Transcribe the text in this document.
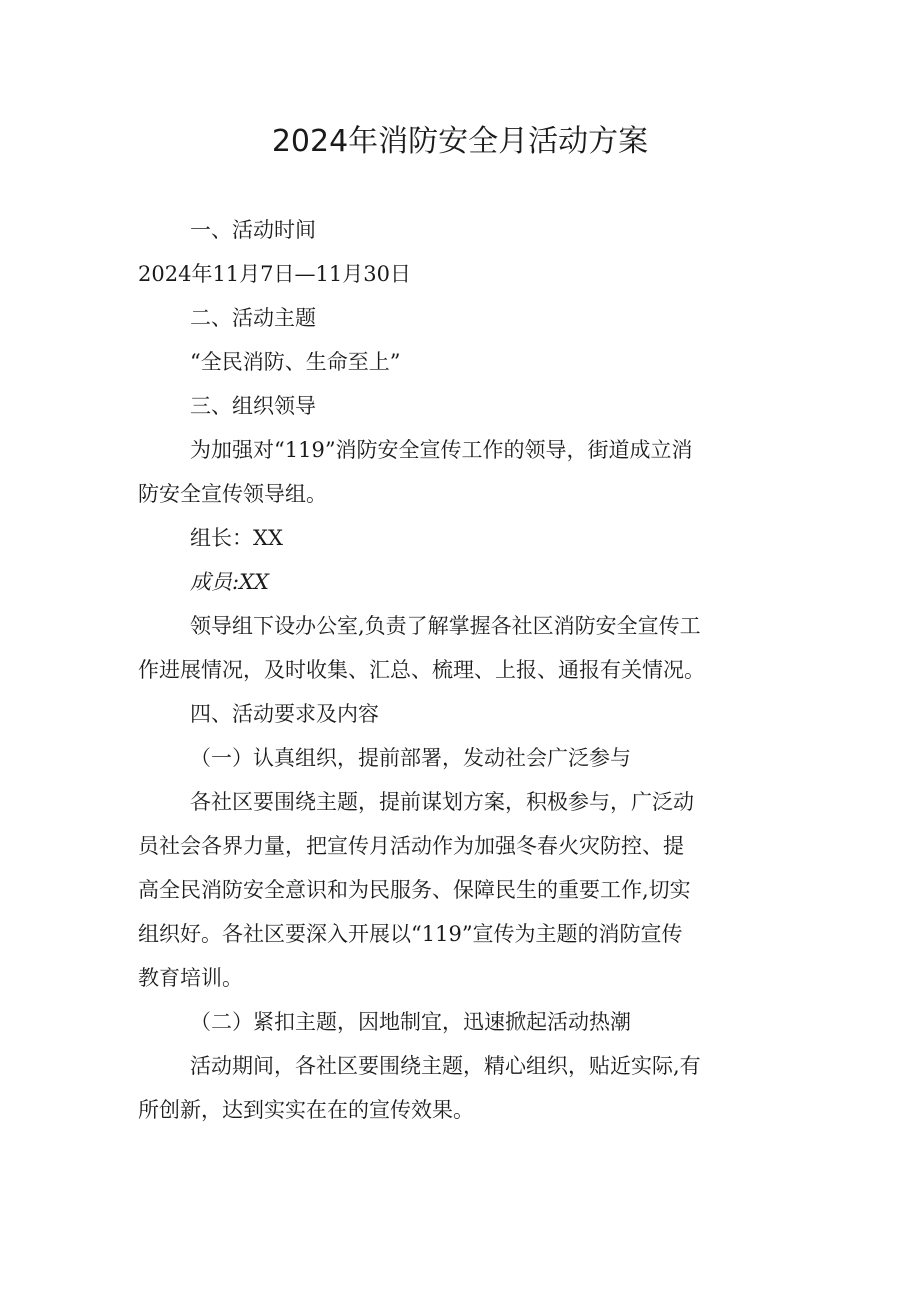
2024年消防安全月活动方案

一、活动时间

2024年11月7日—11月30日

二、活动主题

“全民消防、生命至上”

三、组织领导

为加强对“119”消防安全宣传工作的领导，街道成立消

防安全宣传领导组。

组长：XX

成员:XX

领导组下设办公室,负责了解掌握各社区消防安全宣传工

作进展情况，及时收集、汇总、梳理、上报、通报有关情况。

四、活动要求及内容

（一）认真组织，提前部署，发动社会广泛参与

各社区要围绕主题，提前谋划方案，积极参与，广泛动

员社会各界力量，把宣传月活动作为加强冬春火灾防控、提

高全民消防安全意识和为民服务、保障民生的重要工作,切实

组织好。各社区要深入开展以“119”宣传为主题的消防宣传

教育培训。

（二）紧扣主题，因地制宜，迅速掀起活动热潮

活动期间，各社区要围绕主题，精心组织，贴近实际,有

所创新，达到实实在在的宣传效果。
